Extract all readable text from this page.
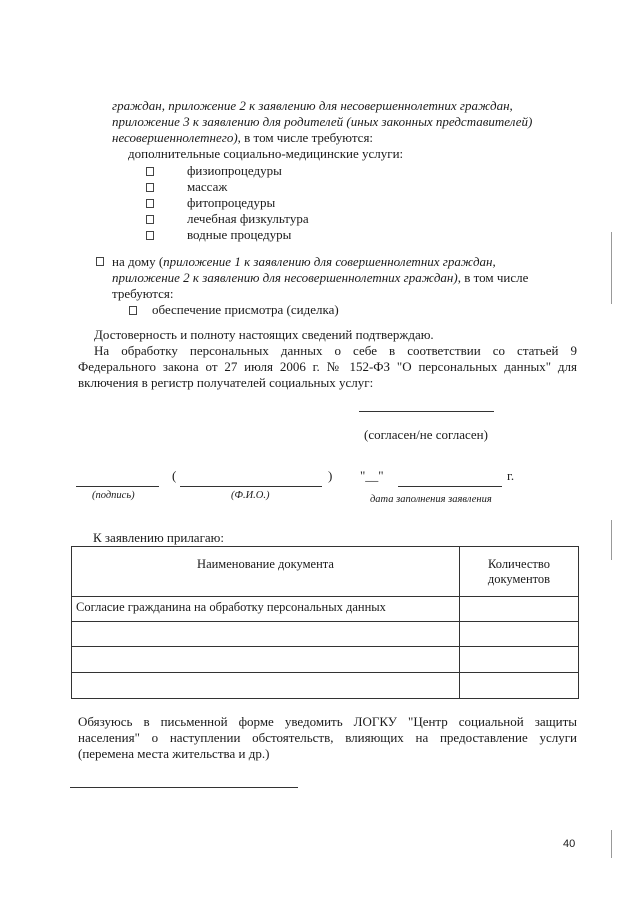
граждан, приложение 2 к заявлению для несовершеннолетних граждан,
приложение 3 к заявлению для родителей (иных законных представителей)
несовершеннолетнего), в том числе требуются:
дополнительные социально-медицинские услуги:
физиопроцедуры
массаж
фитопроцедуры
лечебная физкультура
водные процедуры
на дому (приложение 1 к заявлению для совершеннолетних граждан,
приложение 2 к заявлению для несовершеннолетних граждан), в том числе
требуются:
обеспечение присмотра (сиделка)
Достоверность и полноту настоящих сведений подтверждаю.
На обработку персональных данных о себе в соответствии со статьей 9
Федерального закона от 27 июля 2006 г. № 152-ФЗ "О персональных данных" для
включения в регистр получателей социальных услуг:
(согласен/не согласен)
(	) "__"	г.
(подпись)	(Ф.И.О.)	дата заполнения заявления
К заявлению прилагаю:
Наименование документа	Количество
документов

Согласие гражданина на обработку персональных данных	

Обязуюсь в письменной форме уведомить ЛОГКУ "Центр социальной защиты
населения" о наступлении обстоятельств, влияющих на предоставление услуги
(перемена места жительства и др.)
40
